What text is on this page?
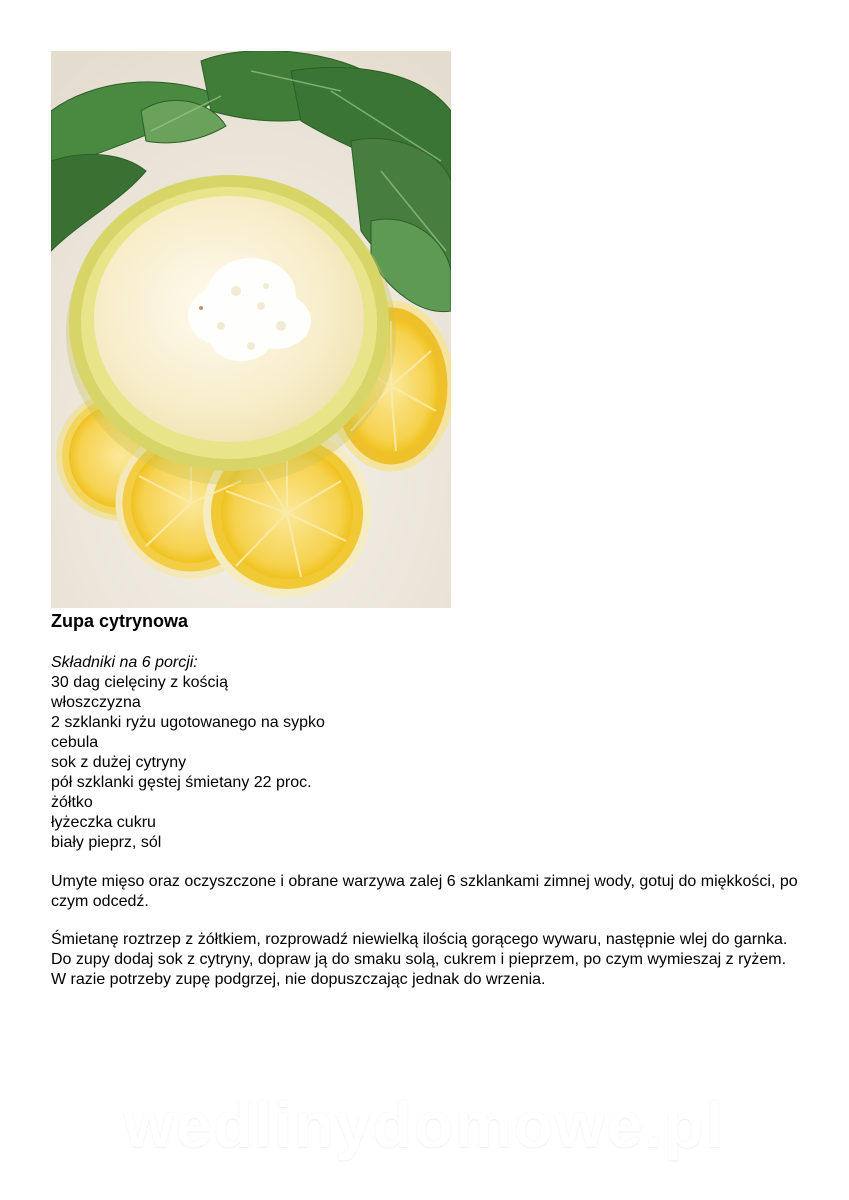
Zupa cytrynowa
Składniki na 6 porcji:
30 dag cielęciny z kością
włoszczyzna
2 szklanki ryżu ugotowanego na sypko
cebula
sok z dużej cytryny
pół szklanki gęstej śmietany 22 proc.
żółtko
łyżeczka cukru
biały pieprz, sól

Umyte mięso oraz oczyszczone i obrane warzywa zalej 6 szklankami zimnej wody, gotuj do miękkości, po czym odcedź.

Śmietanę roztrzep z żółtkiem, rozprowadź niewielką ilością gorącego wywaru, następnie wlej do garnka. Do zupy dodaj sok z cytryny, dopraw ją do smaku solą, cukrem i pieprzem, po czym wymieszaj z ryżem. W razie potrzeby zupę podgrzej, nie dopuszczając jednak do wrzenia.

wedlinydomowe.pl
